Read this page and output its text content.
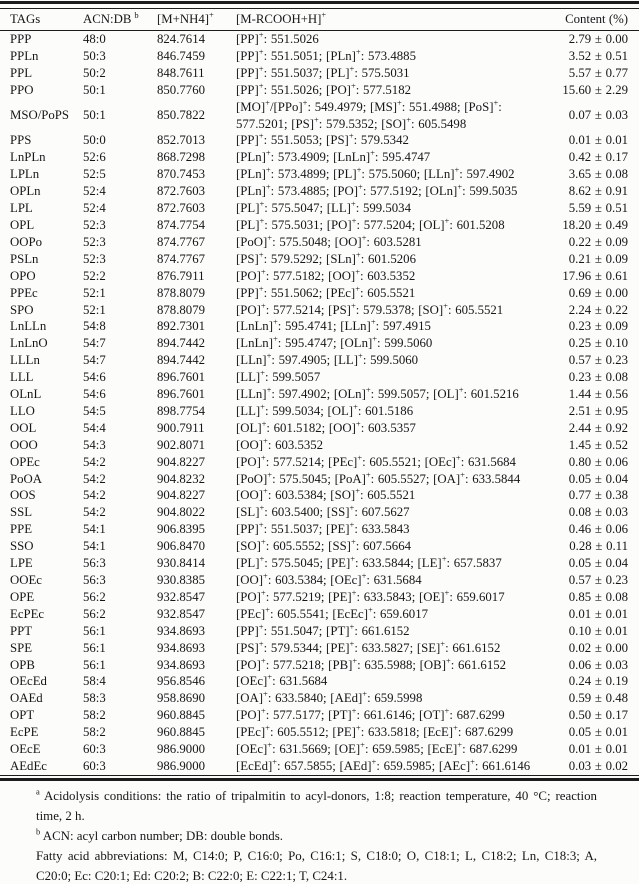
TAGs	ACN:DB $^b$	[M+NH4]+	[M-RCOOH+H]+	Content (%)
PPP	48:0	824.7614	[PP]+: 551.5026	2.79 ± 0.00
PPLn	50:3	846.7459	[PP]+: 551.5051; [PLn]+: 573.4885	3.52 ± 0.51
PPL	50:2	848.7611	[PP]+: 551.5037; [PL]+: 575.5031	5.57 ± 0.77
PPO	50:1	850.7760	[PP]+: 551.5026; [PO]+: 577.5182	15.60 ± 2.29
MSO/PoPS	50:1	850.7822	[MO]+/[PPo]+: 549.4979; [MS]+: 551.4988; [PoS]+: 577.5201; [PS]+: 579.5352; [SO]+: 605.5498	0.07 ± 0.03
PPS	50:0	852.7013	[PP]+: 551.5053; [PS]+: 579.5342	0.01 ± 0.01
LnPLn	52:6	868.7298	[PLn]+: 573.4909; [LnLn]+: 595.4747	0.42 ± 0.17
LPLn	52:5	870.7453	[PLn]+: 573.4899; [PL]+: 575.5060; [LLn]+: 597.4902	3.65 ± 0.08
OPLn	52:4	872.7603	[PLn]+: 573.4885; [PO]+: 577.5192; [OLn]+: 599.5035	8.62 ± 0.91
LPL	52:4	872.7603	[PL]+: 575.5047; [LL]+: 599.5034	5.59 ± 0.51
OPL	52:3	874.7754	[PL]+: 575.5031; [PO]+: 577.5204; [OL]+: 601.5208	18.20 ± 0.49
OOPo	52:3	874.7767	[PoO]+: 575.5048; [OO]+: 603.5281	0.22 ± 0.09
PSLn	52:3	874.7767	[PS]+: 579.5292; [SLn]+: 601.5206	0.21 ± 0.09
OPO	52:2	876.7911	[PO]+: 577.5182; [OO]+: 603.5352	17.96 ± 0.61
PPEc	52:1	878.8079	[PP]+: 551.5062; [PEc]+: 605.5521	0.69 ± 0.00
SPO	52:1	878.8079	[PO]+: 577.5214; [PS]+: 579.5378; [SO]+: 605.5521	2.24 ± 0.22
LnLLn	54:8	892.7301	[LnLn]+: 595.4741; [LLn]+: 597.4915	0.23 ± 0.09
LnLnO	54:7	894.7442	[LnLn]+: 595.4747; [OLn]+: 599.5060	0.25 ± 0.10
LLLn	54:7	894.7442	[LLn]+: 597.4905; [LL]+: 599.5060	0.57 ± 0.23
LLL	54:6	896.7601	[LL]+: 599.5057	0.23 ± 0.08
OLnL	54:6	896.7601	[LLn]+: 597.4902; [OLn]+: 599.5057; [OL]+: 601.5216	1.44 ± 0.56
LLO	54:5	898.7754	[LL]+: 599.5034; [OL]+: 601.5186	2.51 ± 0.95
OOL	54:4	900.7911	[OL]+: 601.5182; [OO]+: 603.5357	2.44 ± 0.92
OOO	54:3	902.8071	[OO]+: 603.5352	1.45 ± 0.52
OPEc	54:2	904.8227	[PO]+: 577.5214; [PEc]+: 605.5521; [OEc]+: 631.5684	0.80 ± 0.06
PoOA	54:2	904.8232	[PoO]+: 575.5045; [PoA]+: 605.5527; [OA]+: 633.5844	0.05 ± 0.04
OOS	54:2	904.8227	[OO]+: 603.5384; [SO]+: 605.5521	0.77 ± 0.38
SSL	54:2	904.8022	[SL]+: 603.5400; [SS]+: 607.5627	0.08 ± 0.03
PPE	54:1	906.8395	[PP]+: 551.5037; [PE]+: 633.5843	0.46 ± 0.06
SSO	54:1	906.8470	[SO]+: 605.5552; [SS]+: 607.5664	0.28 ± 0.11
LPE	56:3	930.8414	[PL]+: 575.5045; [PE]+: 633.5844; [LE]+: 657.5837	0.05 ± 0.04
OOEc	56:3	930.8385	[OO]+: 603.5384; [OEc]+: 631.5684	0.57 ± 0.23
OPE	56:2	932.8547	[PO]+: 577.5219; [PE]+: 633.5843; [OE]+: 659.6017	0.85 ± 0.08
EcPEc	56:2	932.8547	[PEc]+: 605.5541; [EcEc]+: 659.6017	0.01 ± 0.01
PPT	56:1	934.8693	[PP]+: 551.5047; [PT]+: 661.6152	0.10 ± 0.01
SPE	56:1	934.8693	[PS]+: 579.5344; [PE]+: 633.5827; [SE]+: 661.6152	0.02 ± 0.00
OPB	56:1	934.8693	[PO]+: 577.5218; [PB]+: 635.5988; [OB]+: 661.6152	0.06 ± 0.03
OEcEd	58:4	956.8546	[OEc]+: 631.5684	0.24 ± 0.19
OAEd	58:3	958.8690	[OA]+: 633.5840; [AEd]+: 659.5998	0.59 ± 0.48
OPT	58:2	960.8845	[PO]+: 577.5177; [PT]+: 661.6146; [OT]+: 687.6299	0.50 ± 0.17
EcPE	58:2	960.8845	[PEc]+: 605.5512; [PE]+: 633.5818; [EcE]+: 687.6299	0.05 ± 0.01
OEcE	60:3	986.9000	[OEc]+: 631.5669; [OE]+: 659.5985; [EcE]+: 687.6299	0.01 ± 0.01
AEdEc	60:3	986.9000	[EcEd]+: 657.5855; [AEd]+: 659.5985; [AEc]+: 661.6146	0.03 ± 0.02

$^a$ Acidolysis conditions: the ratio of tripalmitin to acyl-donors, 1:8; reaction temperature, 40 °C; reaction time, 2 h.

$^b$ ACN: acyl carbon number; DB: double bonds.

Fatty acid abbreviations: M, C14:0; P, C16:0; Po, C16:1; S, C18:0; O, C18:1; L, C18:2; Ln, C18:3; A, C20:0; Ec: C20:1; Ed: C20:2; B: C22:0; E: C22:1; T, C24:1.
